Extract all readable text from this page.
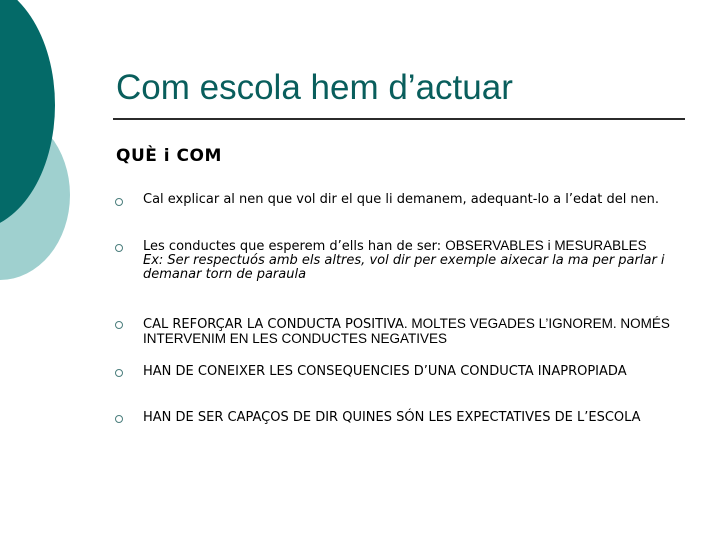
Com escola hem d’actuar
QUÈ i COM
Cal explicar al nen que vol dir el que li demanem, adequant-lo a l’edat del nen.
Les conductes que esperem d’ells han de ser: OBSERVABLES i MESURABLES
Ex: Ser respectuós amb els altres, vol dir per exemple aixecar la ma per parlar i demanar torn de paraula
CAL REFORÇAR LA CONDUCTA POSITIVA. MOLTES VEGADES L’IGNOREM. NOMÉS INTERVENIM EN LES CONDUCTES NEGATIVES
HAN DE CONEIXER LES CONSEQUENCIES D’UNA CONDUCTA INAPROPIADA
HAN DE SER CAPAÇOS DE DIR QUINES SÓN LES EXPECTATIVES DE L’ESCOLA
